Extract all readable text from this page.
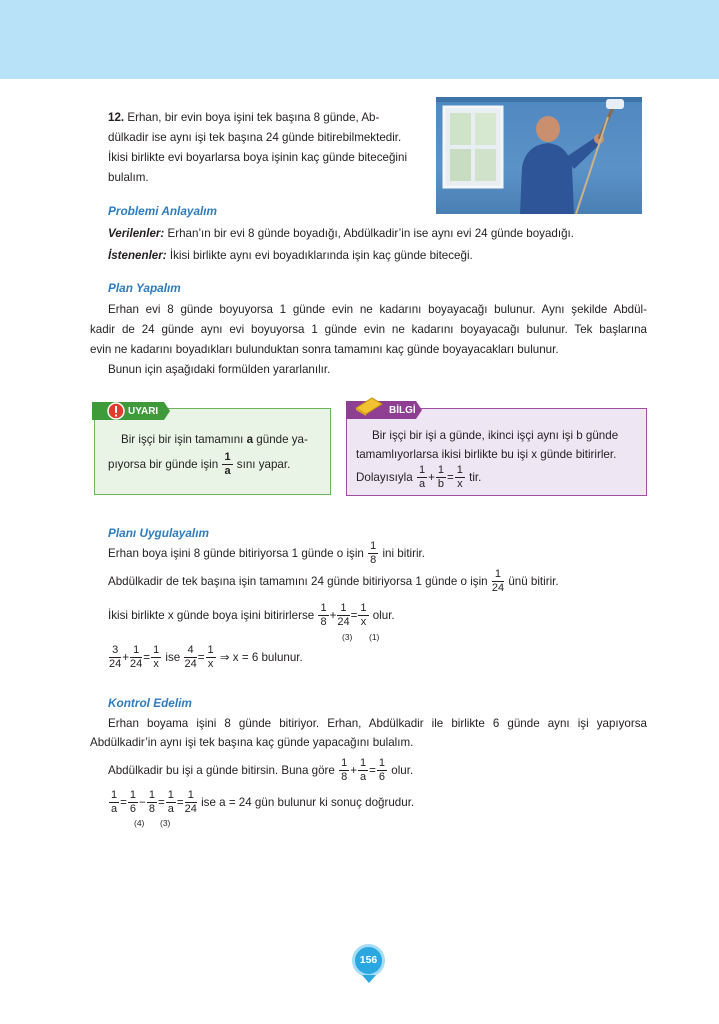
12. Erhan, bir evin boya işini tek başına 8 günde, Ab-
dülkadir ise aynı işi tek başına 24 günde bitirebilmektedir.
İkisi birlikte evi boyarlarsa boya işinin kaç günde biteceğini
bulalım.
Problemi Anlayalım
Verilenler: Erhan’ın bir evi 8 günde boyadığı, Abdülkadir’in ise aynı evi 24 günde boyadığı.
İstenenler: İkisi birlikte aynı evi boyadıklarında işin kaç günde biteceği.
Plan Yapalım
Erhan evi 8 günde boyuyorsa 1 günde evin ne kadarını boyayacağı bulunur. Aynı şekilde Abdül-
kadir de 24 günde aynı evi boyuyorsa 1 günde evin ne kadarını boyayacağı bulunur. Tek başlarına
evin ne kadarını boyadıkları bulunduktan sonra tamamını kaç günde boyayacakları bulunur.
Bunun için aşağıdaki formülden yararlanılır.
UYARI
Bir işçi bir işin tamamını a günde ya-
pıyorsa bir günde işin $\frac{1}{a}$ sını yapar.
BİLGİ
Bir işçi bir işi a günde, ikinci işçi aynı işi b günde
tamamlıyorlarsa ikisi birlikte bu işi x günde bitirirler.
Dolayısıyla $\frac{1}{a} + \frac{1}{b} = \frac{1}{x}$ tir.
Planı Uygulayalım
Erhan boya işini 8 günde bitiriyorsa 1 günde o işin $\frac{1}{8}$ ini bitirir.
Abdülkadir de tek başına işin tamamını 24 günde bitiriyorsa 1 günde o işin $\frac{1}{24}$ ünü bitirir.
İkisi birlikte x günde boya işini bitirirlerse $\frac{1}{8} + \frac{1}{24} = \frac{1}{x}$ olur.
(3) (1)
$\frac{3}{24} + \frac{1}{24} = \frac{1}{x}$ ise $\frac{4}{24} = \frac{1}{x}$ ⇒ x = 6 bulunur.
Kontrol Edelim
Erhan boyama işini 8 günde bitiriyor. Erhan, Abdülkadir ile birlikte 6 günde aynı işi yapıyorsa
Abdülkadir’in aynı işi tek başına kaç günde yapacağını bulalım.
Abdülkadir bu işi a günde bitirsin. Buna göre $\frac{1}{8} + \frac{1}{a} = \frac{1}{6}$ olur.
$\frac{1}{a} = \frac{1}{6} - \frac{1}{8} = \frac{1}{a} = \frac{1}{24}$ ise a = 24 gün bulunur ki sonuç doğrudur.
(4) (3)
156
